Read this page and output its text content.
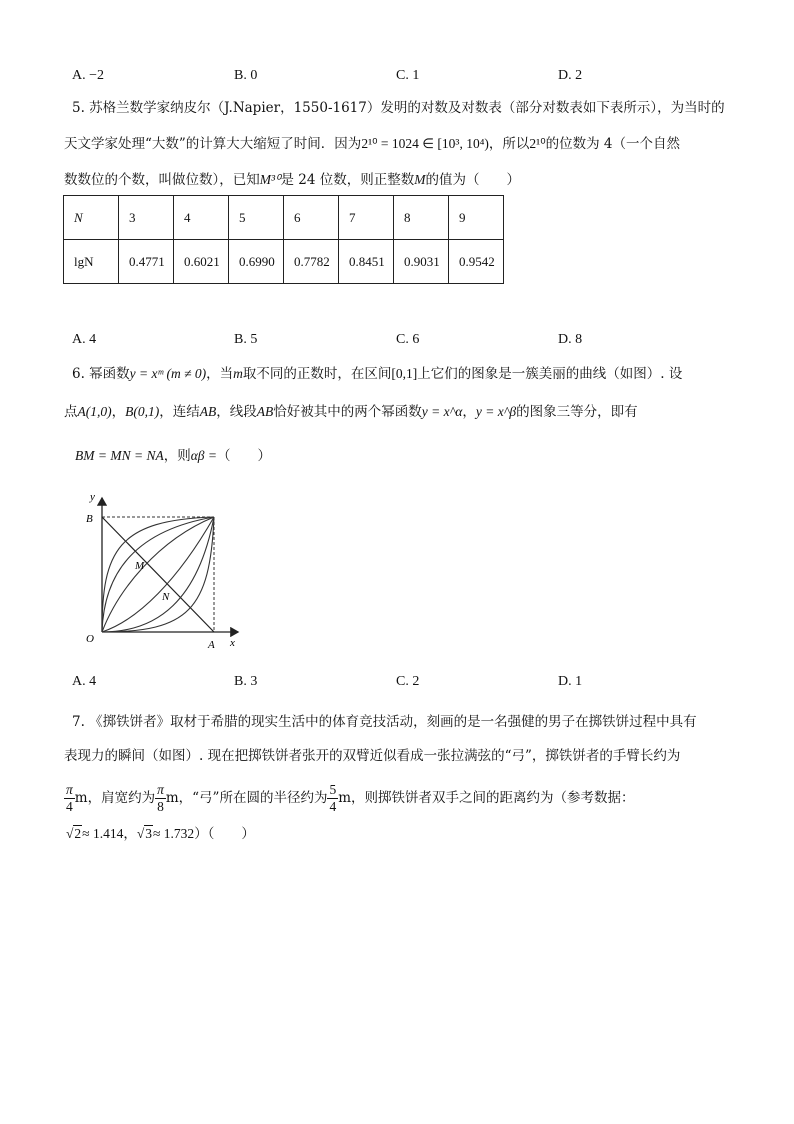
A. −2	B. 0	C. 1	D. 2
5. 苏格兰数学家纳皮尔（J.Napier，1550-1617）发明的对数及对数表（部分对数表如下表所示），为当时的
天文学家处理“大数”的计算大大缩短了时间．因为2¹⁰ = 1024 ∈ [10³, 10⁴)，所以2¹⁰的位数为 4（一个自然
数数位的个数，叫做位数），已知M³⁰是 24 位数，则正整数M的值为（　　）
N	3	4	5	6	7	8	9
lgN	0.4771	0.6021	0.6990	0.7782	0.8451	0.9031	0.9542
A. 4	B. 5	C. 6	D. 8
6. 幂函数y = xᵐ (m ≠ 0)，当m取不同的正数时，在区间[0,1]上它们的图象是一簇美丽的曲线（如图）. 设
点A(1,0)，B(0,1)，连结AB，线段AB恰好被其中的两个幂函数y = x^α，y = x^β的图象三等分，即有
BM = MN = NA，则αβ =（　　）
y
B
O	A x
M
N
A. 4	B. 3	C. 2	D. 1
7. 《掷铁饼者》取材于希腊的现实生活中的体育竞技活动，刻画的是一名强健的男子在掷铁饼过程中具有
表现力的瞬间（如图）. 现在把掷铁饼者张开的双臂近似看成一张拉满弦的“弓”，掷铁饼者的手臂长约为
$\frac{\pi}{4}$ m，肩宽约为 $\frac{\pi}{8}$ m，“弓”所在圆的半径约为 $\frac{5}{4}$ m，则掷铁饼者双手之间的距离约为（参考数据：
√2≈ 1.414，√3≈ 1.732）（　　）
